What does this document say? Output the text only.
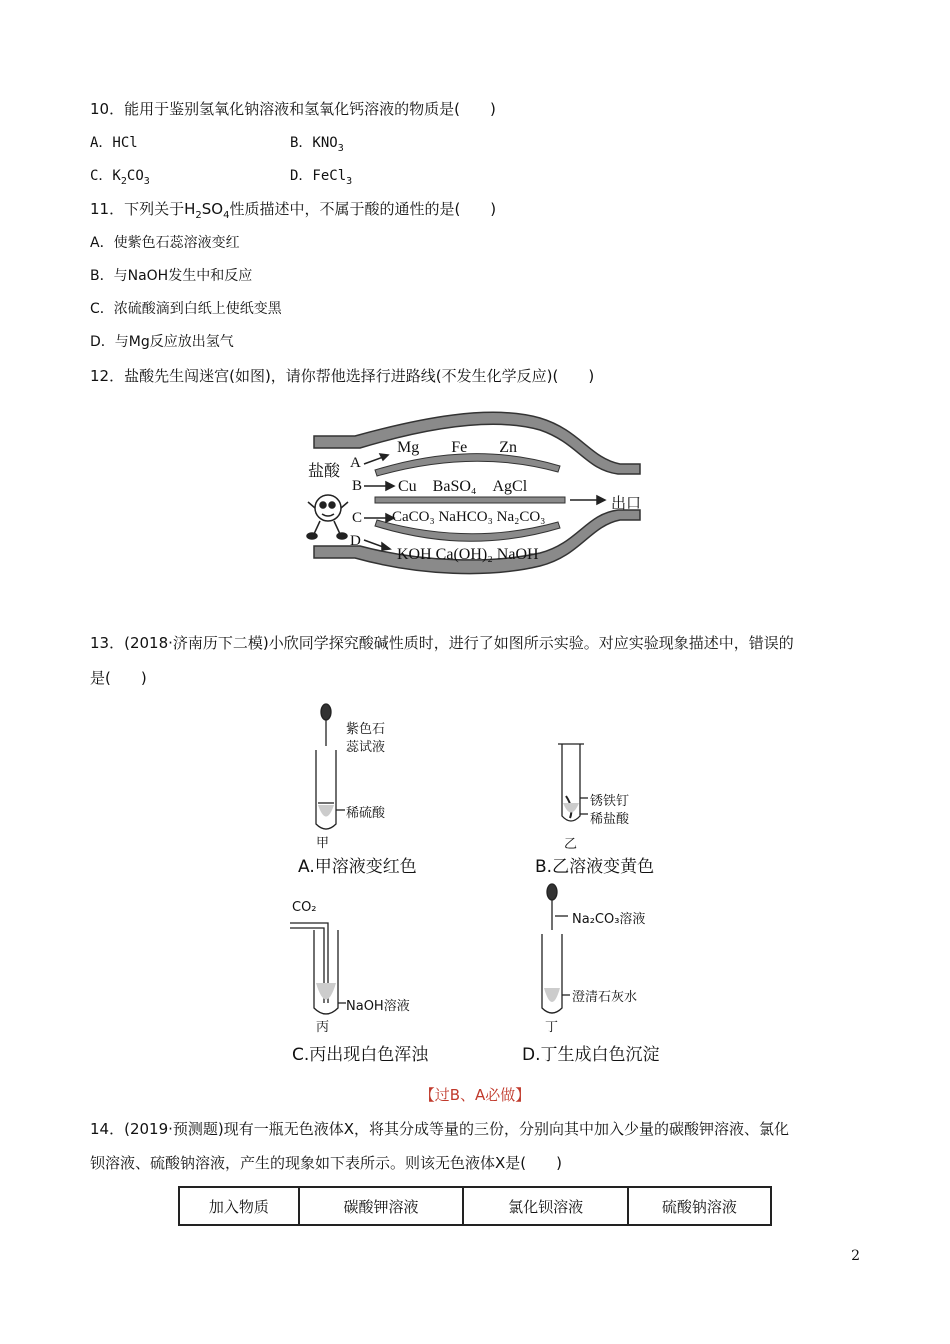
10．能用于鉴别氢氧化钠溶液和氢氧化钙溶液的物质是(　　)
A．HCl	B．$KNO_3$
C．$K_2CO_3$	D．FeCl$_3$
11．下列关于$H_2SO_4$性质描述中，不属于酸的通性的是(　　)
A．使紫色石蕊溶液变红
B．与NaOH发生中和反应
C．浓硫酸滴到白纸上使纸变黑
D．与Mg反应放出氢气
12．盐酸先生闯迷宫(如图)，请你帮他选择行进路线(不发生化学反应)(　　)
盐酸
出口
A
B
C
D
Mg　　Fe　　Zn
Cu　BaSO₄　AgCl
CaCO₃ NaHCO₃ Na₂CO₃
KOH Ca(OH)₂ NaOH
13．(2018·济南历下二模)小欣同学探究酸碱性质时，进行了如图所示实验。对应实验现象描述中，错误的
是(　　)
紫色石
蕊试液
稀硫酸
甲
A.甲溶液变红色
锈铁钉
稀盐酸
乙
B.乙溶液变黄色
CO₂
NaOH溶液
丙
C.丙出现白色浑浊
Na₂CO₃溶液
澄清石灰水
丁
D.丁生成白色沉淀
【过B、A必做】
14．(2019·预测题)现有一瓶无色液体X，将其分成等量的三份，分别向其中加入少量的碳酸钾溶液、氯化
钡溶液、硫酸钠溶液，产生的现象如下表所示。则该无色液体X是(　　)
加入物质	碳酸钾溶液	氯化钡溶液	硫酸钠溶液
2
